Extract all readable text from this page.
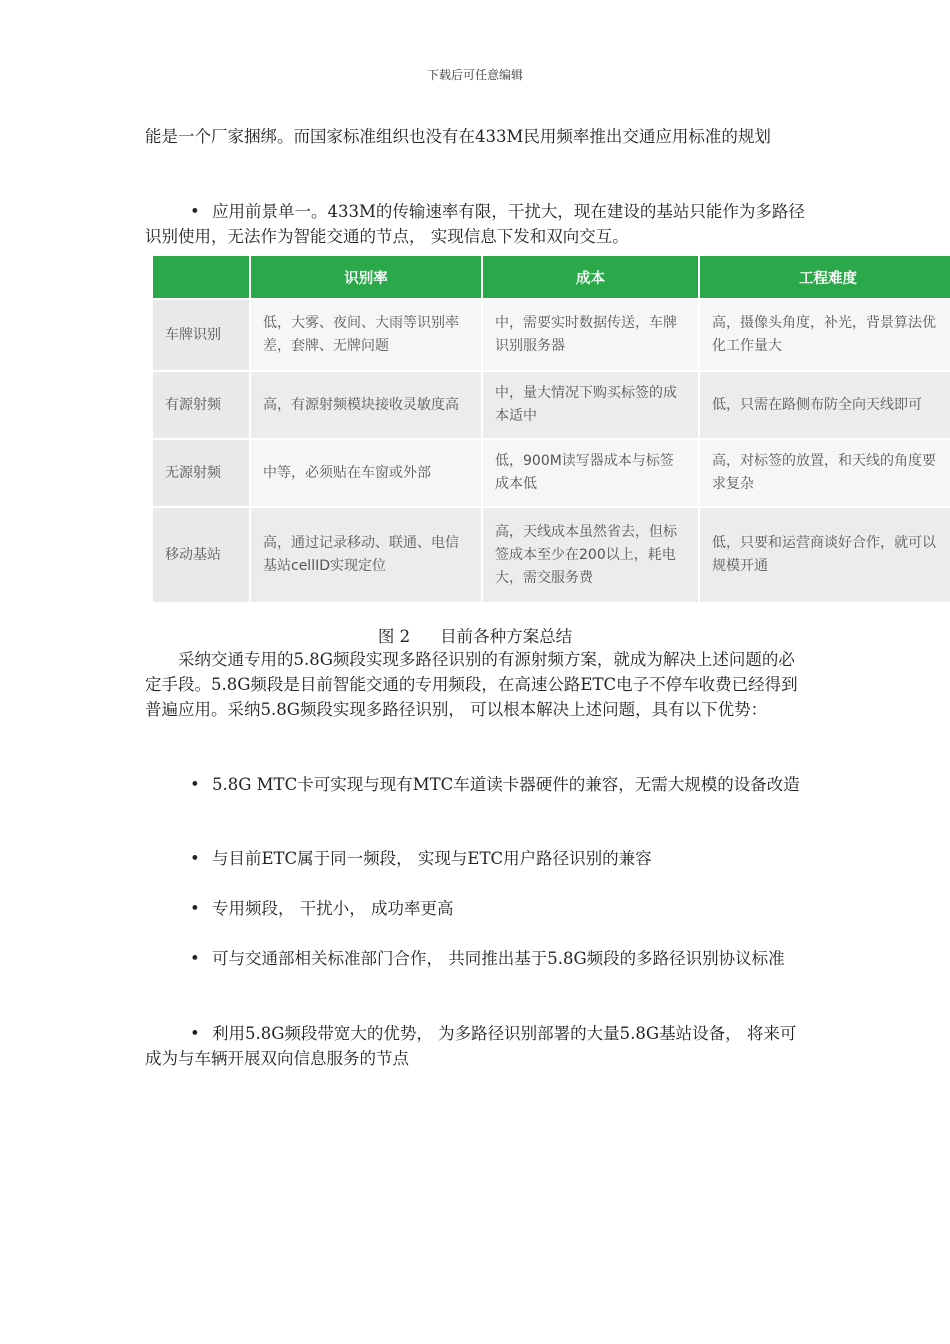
下载后可任意编辑

能是一个厂家捆绑。而国家标准组织也没有在433M民用频率推出交通应用标准的规划

• 应用前景单一。433M的传输速率有限，干扰大，现在建设的基站只能作为多路径识别使用，无法作为智能交通的节点， 实现信息下发和双向交互。

	识别率	成本	工程难度
车牌识别	低，大雾、夜间、大雨等识别率差，套牌、无牌问题	中，需要实时数据传送，车牌识别服务器	高，摄像头角度，补光，背景算法优化工作量大
有源射频	高，有源射频模块接收灵敏度高	中，量大情况下购买标签的成本适中	低，只需在路侧布防全向天线即可
无源射频	中等，必须贴在车窗或外部	低，900M读写器成本与标签成本低	高，对标签的放置，和天线的角度要求复杂
移动基站	高，通过记录移动、联通、电信基站cellID实现定位	高，天线成本虽然省去，但标签成本至少在200以上，耗电大，需交服务费	低，只要和运营商谈好合作，就可以规模开通
图 2 目前各种方案总结

采纳交通专用的5.8G频段实现多路径识别的有源射频方案，就成为解决上述问题的必定手段。5.8G频段是目前智能交通的专用频段，在高速公路ETC电子不停车收费已经得到普遍应用。采纳5.8G频段实现多路径识别， 可以根本解决上述问题，具有以下优势：

• 5.8G MTC卡可实现与现有MTC车道读卡器硬件的兼容，无需大规模的设备改造

• 与目前ETC属于同一频段， 实现与ETC用户路径识别的兼容

• 专用频段， 干扰小， 成功率更高

• 可与交通部相关标准部门合作， 共同推出基于5.8G频段的多路径识别协议标准

• 利用5.8G频段带宽大的优势， 为多路径识别部署的大量5.8G基站设备， 将来可成为与车辆开展双向信息服务的节点
